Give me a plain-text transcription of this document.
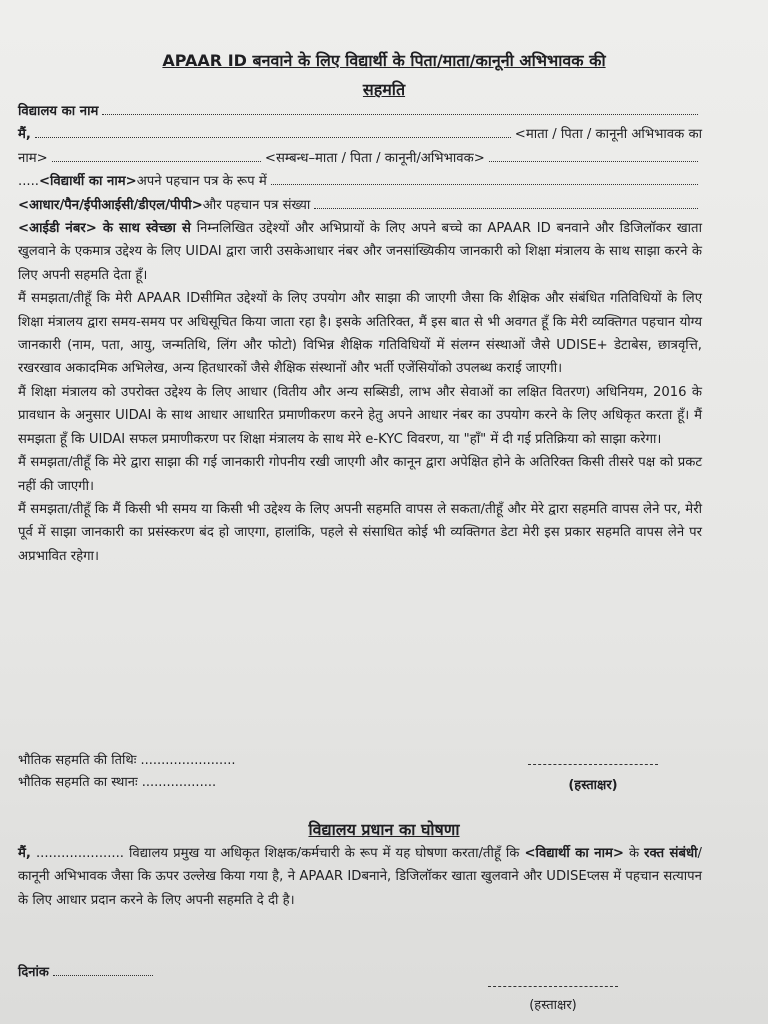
APAAR ID बनवाने के लिए विद्यार्थी के पिता/माता/कानूनी अभिभावक की
सहमति
विद्यालय का नाम
मैं,	<माता / पिता / कानूनी अभिभावक का
नाम>	<सम्बन्ध–माता / पिता / कानूनी/अभिभावक>
..... <विद्यार्थी का नाम> अपने पहचान पत्र के रूप में
<आधार/पैन/ईपीआईसी/डीएल/पीपी> और पहचान पत्र संख्या

<आईडी नंबर> के साथ स्वेच्छा से निम्नलिखित उद्देश्यों और अभिप्रायों के लिए अपने बच्चे का APAAR ID बनवाने और डिजिलॉकर खाता खुलवाने के एकमात्र उद्देश्य के लिए UIDAI द्वारा जारी उसकेआधार नंबर और जनसांख्यिकीय जानकारी को शिक्षा मंत्रालय के साथ साझा करने के लिए अपनी सहमति देता हूँ।

मैं समझता/तीहूँ कि मेरी APAAR IDसीमित उद्देश्यों के लिए उपयोग और साझा की जाएगी जैसा कि शैक्षिक और संबंधित गतिविधियों के लिए शिक्षा मंत्रालय द्वारा समय-समय पर अधिसूचित किया जाता रहा है। इसके अतिरिक्त, मैं इस बात से भी अवगत हूँ कि मेरी व्यक्तिगत पहचान योग्य जानकारी (नाम, पता, आयु, जन्मतिथि, लिंग और फोटो) विभिन्न शैक्षिक गतिविधियों में संलग्न संस्थाओं जैसे UDISE+ डेटाबेस, छात्रवृत्ति, रखरखाव अकादमिक अभिलेख, अन्य हितधारकों जैसे शैक्षिक संस्थानों और भर्ती एजेंसियोंको उपलब्ध कराई जाएगी।

मैं शिक्षा मंत्रालय को उपरोक्त उद्देश्य के लिए आधार (वितीय और अन्य सब्सिडी, लाभ और सेवाओं का लक्षित वितरण) अधिनियम, 2016 के प्रावधान के अनुसार UIDAI के साथ आधार आधारित प्रमाणीकरण करने हेतु अपने आधार नंबर का उपयोग करने के लिए अधिकृत करता हूँ। मैं समझता हूँ कि UIDAI सफल प्रमाणीकरण पर शिक्षा मंत्रालय के साथ मेरे e-KYC विवरण, या "हाँ" में दी गई प्रतिक्रिया को साझा करेगा।

मैं समझता/तीहूँ कि मेरे द्वारा साझा की गई जानकारी गोपनीय रखी जाएगी और कानून द्वारा अपेक्षित होने के अतिरिक्त किसी तीसरे पक्ष को प्रकट नहीं की जाएगी।

मैं समझता/तीहूँ कि मैं किसी भी समय या किसी भी उद्देश्य के लिए अपनी सहमति वापस ले सकता/तीहूँ और मेरे द्वारा सहमति वापस लेने पर, मेरी पूर्व में साझा जानकारी का प्रसंस्करण बंद हो जाएगा, हालांकि, पहले से संसाधित कोई भी व्यक्तिगत डेटा मेरी इस प्रकार सहमति वापस लेने पर अप्रभावित रहेगा।

भौतिक सहमति की तिथिः .......................
भौतिक सहमति का स्थानः ..................	(हस्ताक्षर)
विद्यालय प्रधान का घोषणा
मैं, ..................... विद्यालय प्रमुख या अधिकृत शिक्षक/कर्मचारी के रूप में यह घोषणा करता/तीहूँ कि <विद्यार्थी का नाम> के रक्त संबंधी/कानूनी अभिभावक जैसा कि ऊपर उल्लेख किया गया है, ने APAAR IDबनाने, डिजिलॉकर खाता खुलवाने और UDISEप्लस में पहचान सत्यापन के लिए आधार प्रदान करने के लिए अपनी सहमति दे दी है।
दिनांक
(हस्ताक्षर)
